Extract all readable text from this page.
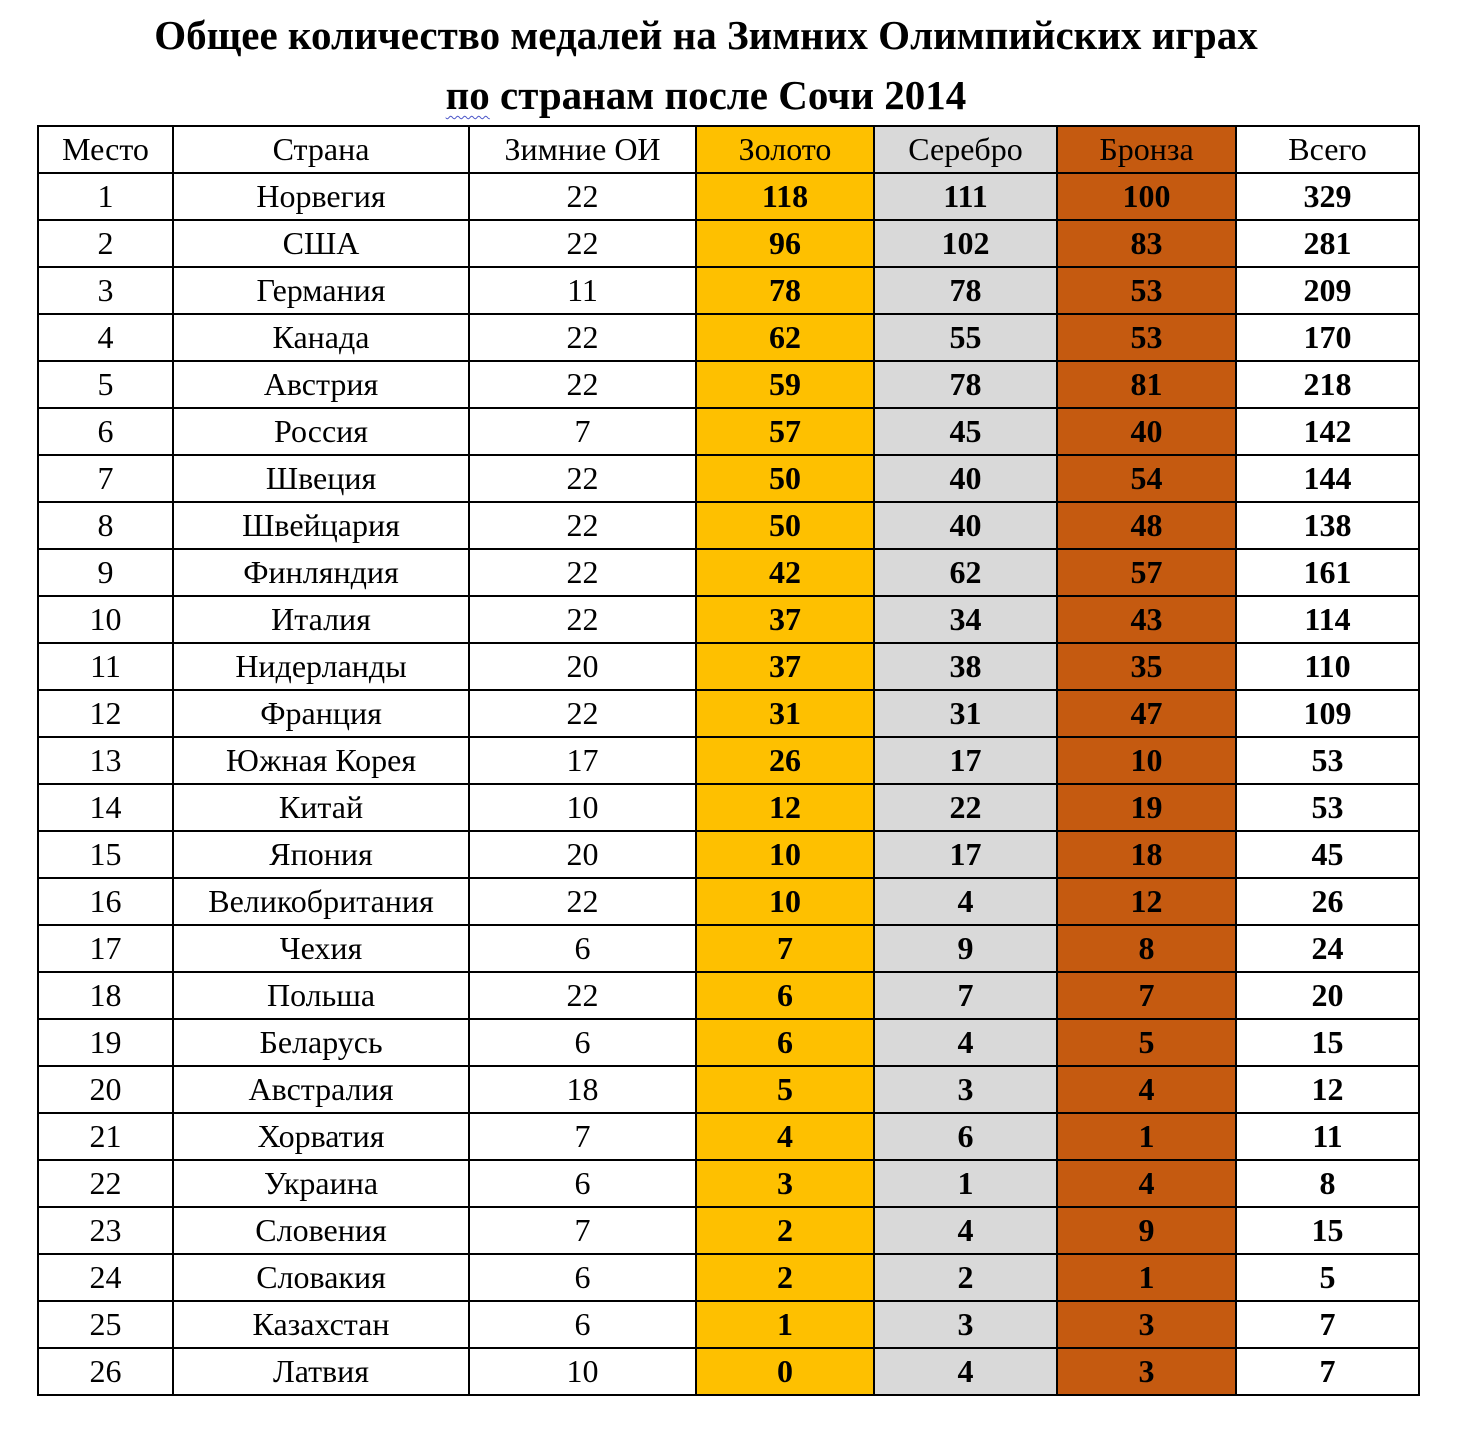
Общее количество медалей на Зимних Олимпийских играх
по странам после Сочи 2014
Место	Страна	Зимние ОИ	Золото	Серебро	Бронза	Всего
1	Норвегия	22	118	111	100	329
2	США	22	96	102	83	281
3	Германия	11	78	78	53	209
4	Канада	22	62	55	53	170
5	Австрия	22	59	78	81	218
6	Россия	7	57	45	40	142
7	Швеция	22	50	40	54	144
8	Швейцария	22	50	40	48	138
9	Финляндия	22	42	62	57	161
10	Италия	22	37	34	43	114
11	Нидерланды	20	37	38	35	110
12	Франция	22	31	31	47	109
13	Южная Корея	17	26	17	10	53
14	Китай	10	12	22	19	53
15	Япония	20	10	17	18	45
16	Великобритания	22	10	4	12	26
17	Чехия	6	7	9	8	24
18	Польша	22	6	7	7	20
19	Беларусь	6	6	4	5	15
20	Австралия	18	5	3	4	12
21	Хорватия	7	4	6	1	11
22	Украина	6	3	1	4	8
23	Словения	7	2	4	9	15
24	Словакия	6	2	2	1	5
25	Казахстан	6	1	3	3	7
26	Латвия	10	0	4	3	7
